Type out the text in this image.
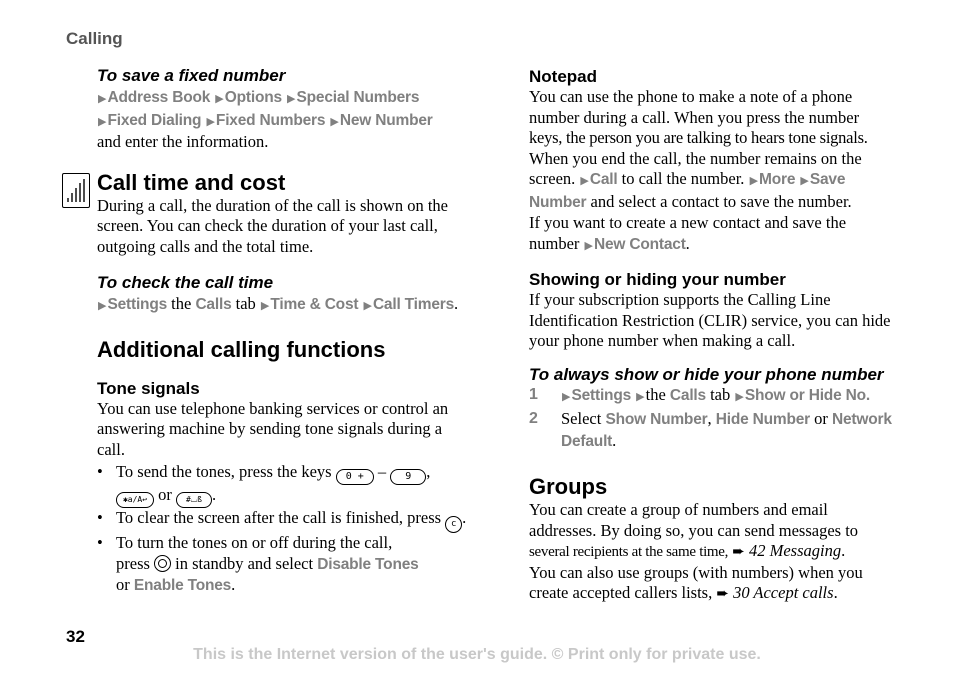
Calling
To save a fixed number
▶Address Book ▶Options ▶Special Numbers
▶Fixed Dialing ▶Fixed Numbers ▶New Number
and enter the information.
Call time and cost
During a call, the duration of the call is shown on the screen. You can check the duration of your last call, outgoing calls and the total time.
To check the call time
▶Settings the Calls tab ▶Time & Cost ▶Call Timers.
Additional calling functions
Tone signals
You can use telephone banking services or control an answering machine by sending tone signals during a call.
• To send the tones, press the keys 0 + – 9 ,
✱a/A↩ or #⌴ß .
• To clear the screen after the call is finished, press c .
• To turn the tones on or off during the call,
press in standby and select Disable Tones
or Enable Tones.
Notepad
You can use the phone to make a note of a phone
number during a call. When you press the number
keys, the person you are talking to hears tone signals.
When you end the call, the number remains on the
screen. ▶Call to call the number. ▶More ▶Save
Number and select a contact to save the number.
If you want to create a new contact and save the
number ▶New Contact.
Showing or hiding your number
If your subscription supports the Calling Line Identification Restriction (CLIR) service, you can hide your phone number when making a call.
To always show or hide your phone number
1 ▶Settings ▶the Calls tab ▶Show or Hide No.
2 Select Show Number, Hide Number or Network
Default.
Groups
You can create a group of numbers and email
addresses. By doing so, you can send messages to
several recipients at the same time, ➨ 42 Messaging.
You can also use groups (with numbers) when you
create accepted callers lists, ➨ 30 Accept calls.
32
This is the Internet version of the user's guide. © Print only for private use.
